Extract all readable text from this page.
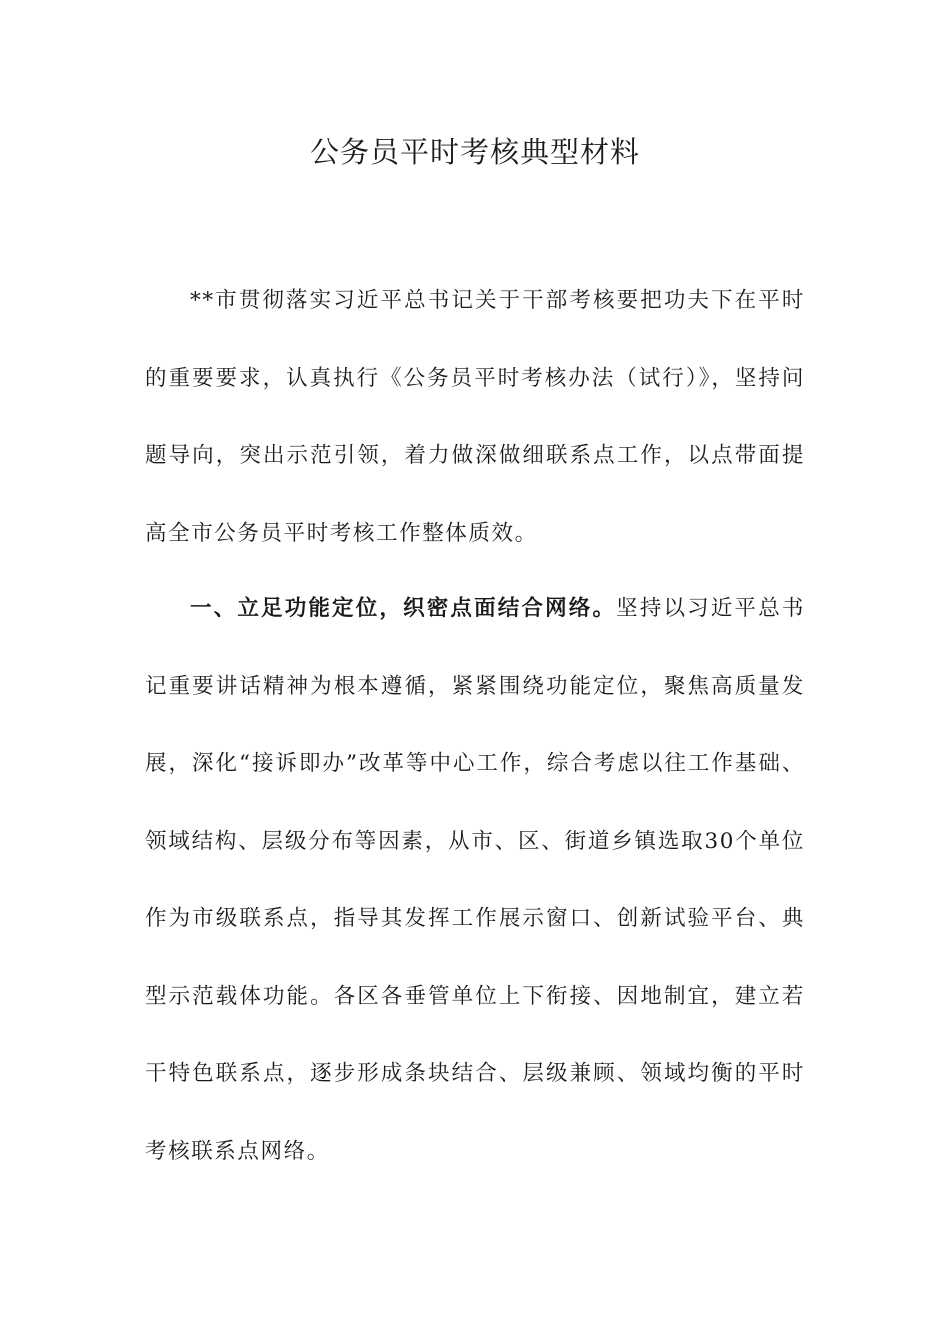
公务员平时考核典型材料

**市贯彻落实习近平总书记关于干部考核要把功夫下在平时的重要要求，认真执行《公务员平时考核办法（试行）》，坚持问题导向，突出示范引领，着力做深做细联系点工作，以点带面提高全市公务员平时考核工作整体质效。

一、立足功能定位，织密点面结合网络。坚持以习近平总书记重要讲话精神为根本遵循，紧紧围绕功能定位，聚焦高质量发展，深化“接诉即办”改革等中心工作，综合考虑以往工作基础、领域结构、层级分布等因素，从市、区、街道乡镇选取30个单位作为市级联系点，指导其发挥工作展示窗口、创新试验平台、典型示范载体功能。各区各垂管单位上下衔接、因地制宜，建立若干特色联系点，逐步形成条块结合、层级兼顾、领域均衡的平时考核联系点网络。
